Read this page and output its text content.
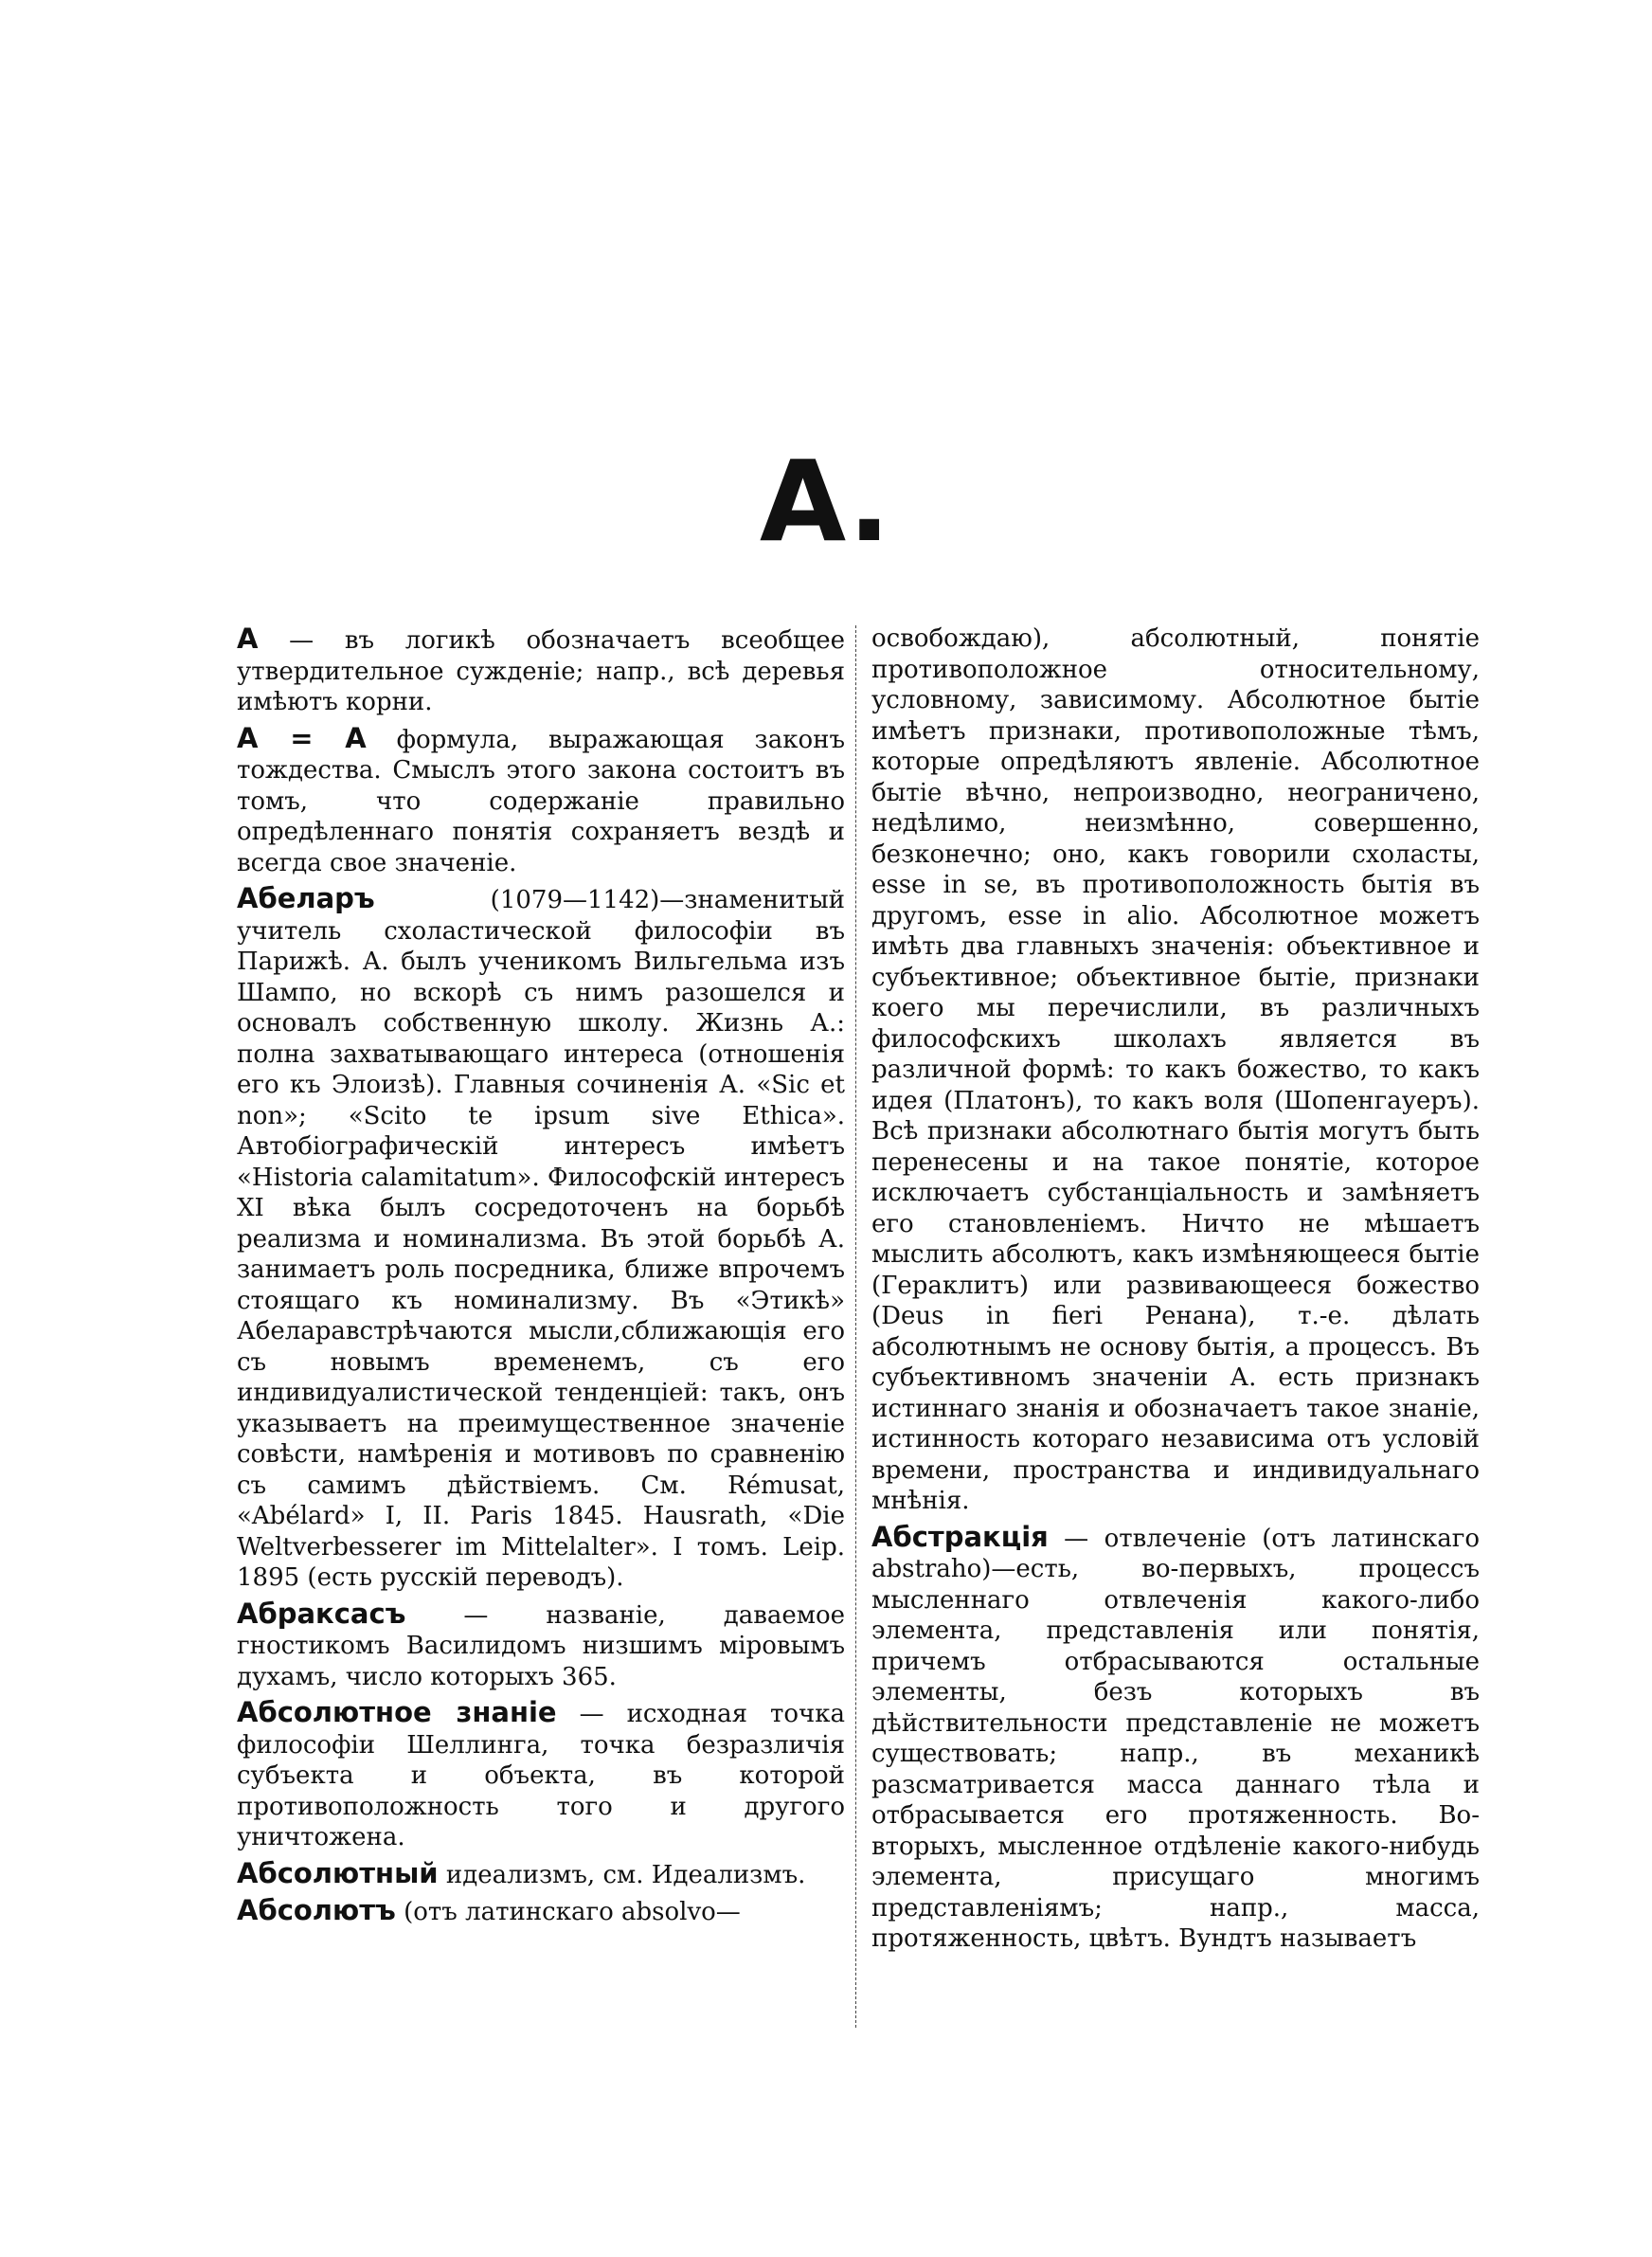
А.

А — въ логикѣ обозначаетъ всеобщее утвердительное сужденіе; напр., всѣ деревья имѣютъ корни.

А = А формула, выражающая законъ тождества. Смыслъ этого закона состоитъ въ томъ, что содержаніе правильно опредѣленнаго понятія сохраняетъ вездѣ и всегда свое значеніе.

Абеларъ (1079—1142)—знаменитый учитель схоластической философіи въ Парижѣ. А. былъ ученикомъ Вильгельма изъ Шампо, но вскорѣ съ нимъ разошелся и основалъ собственную школу. Жизнь А.: полна захватывающаго интереса (отношенія его къ Элоизѣ). Главныя сочиненія А. «Sic et non»; «Scito te ipsum sive Ethica». Автобіографическій интересъ имѣетъ «Historia calamitatum». Философскій интересъ XI вѣка былъ сосредоточенъ на борьбѣ реализма и номинализма. Въ этой борьбѣ А. занимаетъ роль посредника, ближе впрочемъ стоящаго къ номинализму. Въ «Этикѣ» Абеларавстрѣчаются мысли,сближающія его съ новымъ временемъ, съ его индивидуалистической тенденціей: такъ, онъ указываетъ на преимущественное значеніе совѣсти, намѣренія и мотивовъ по сравненію съ самимъ дѣйствіемъ. См. Rémusat, «Abélard» I, II. Paris 1845. Hausrath, «Die Weltverbesserer im Mittelalter». I томъ. Leip. 1895 (есть русскій переводъ).

Абраксасъ — названіе, даваемое гностикомъ Василидомъ низшимъ міровымъ духамъ, число которыхъ 365.

Абсолютное знаніе — исходная точка философіи Шеллинга, точка безразличія субъекта и объекта, въ которой противоположность того и другого уничтожена.

Абсолютный идеализмъ, см. Идеализмъ.

Абсолютъ (отъ латинскаго absolvo—

освобождаю), абсолютный, понятіе противоположное относительному, условному, зависимому. Абсолютное бытіе имѣетъ признаки, противоположные тѣмъ, которые опредѣляютъ явленіе. Абсолютное бытіе вѣчно, непроизводно, неограничено, недѣлимо, неизмѣнно, совершенно, безконечно; оно, какъ говорили схоласты, esse in se, въ противоположность бытія въ другомъ, esse in alio. Абсолютное можетъ имѣть два главныхъ значенія: объективное и субъективное; объективное бытіе, признаки коего мы перечислили, въ различныхъ философскихъ школахъ является въ различной формѣ: то какъ божество, то какъ идея (Платонъ), то какъ воля (Шопенгауеръ). Всѣ признаки абсолютнаго бытія могутъ быть перенесены и на такое понятіе, которое исключаетъ субстанціальность и замѣняетъ его становленіемъ. Ничто не мѣшаетъ мыслить абсолютъ, какъ измѣняющееся бытіе (Гераклитъ) или развивающееся божество (Deus in fieri Ренана), т.-е. дѣлать абсолютнымъ не основу бытія, а процессъ. Въ субъективномъ значеніи А. есть признакъ истиннаго знанія и обозначаетъ такое знаніе, истинность котораго независима отъ условій времени, пространства и индивидуальнаго мнѣнія.

Абстракція — отвлеченіе (отъ латинскаго abstraho)—есть, во-первыхъ, процессъ мысленнаго отвлеченія какого-либо элемента, представленія или понятія, причемъ отбрасываются остальные элементы, безъ которыхъ въ дѣйствительности представленіе не можетъ существовать; напр., въ механикѣ разсматривается масса даннаго тѣла и отбрасывается его протяженность. Во-вторыхъ, мысленное отдѣленіе какого-нибудь элемента, присущаго многимъ представленіямъ; напр., масса, протяженность, цвѣтъ. Вундтъ называетъ
